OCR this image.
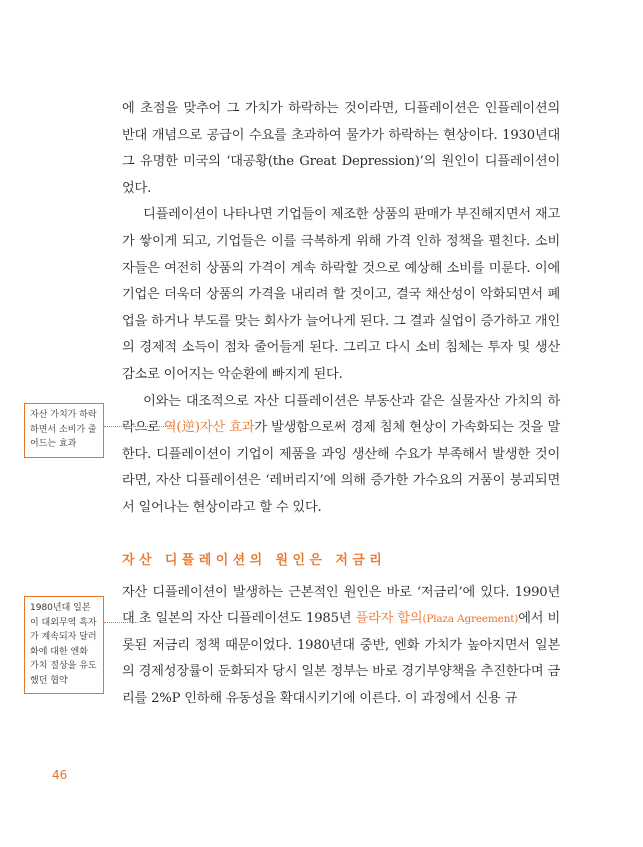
에 초점을 맞추어 그 가치가 하락하는 것이라면, 디플레이션은 인플레이션의 반대 개념으로 공급이 수요를 초과하여 물가가 하락하는 현상이다. 1930년대 그 유명한 미국의 ‘대공황(the Great Depression)’의 원인이 디플레이션이었다.

디플레이션이 나타나면 기업들이 제조한 상품의 판매가 부진해지면서 재고가 쌓이게 되고, 기업들은 이를 극복하게 위해 가격 인하 정책을 펼친다. 소비자들은 여전히 상품의 가격이 계속 하락할 것으로 예상해 소비를 미룬다. 이에 기업은 더욱더 상품의 가격을 내리려 할 것이고, 결국 채산성이 악화되면서 폐업을 하거나 부도를 맞는 회사가 늘어나게 된다. 그 결과 실업이 증가하고 개인의 경제적 소득이 점차 줄어들게 된다. 그리고 다시 소비 침체는 투자 및 생산 감소로 이어지는 악순환에 빠지게 된다.

이와는 대조적으로 자산 디플레이션은 부동산과 같은 실물자산 가치의 하락으로 역(逆)자산 효과가 발생함으로써 경제 침체 현상이 가속화되는 것을 말한다. 디플레이션이 기업이 제품을 과잉 생산해 수요가 부족해서 발생한 것이라면, 자산 디플레이션은 ‘레버리지’에 의해 증가한 가수요의 거품이 붕괴되면서 일어나는 현상이라고 할 수 있다.

자산 디플레이션의 원인은 저금리

자산 디플레이션이 발생하는 근본적인 원인은 바로 ‘저금리’에 있다. 1990년대 초 일본의 자산 디플레이션도 1985년 플라자 합의(Plaza Agreement)에서 비롯된 저금리 정책 때문이었다. 1980년대 중반, 엔화 가치가 높아지면서 일본의 경제성장률이 둔화되자 당시 일본 정부는 바로 경기부양책을 추진한다며 금리를 2%P 인하해 유동성을 확대시키기에 이른다. 이 과정에서 신용 규

자산 가치가 하락하면서 소비가 줄어드는 효과
1980년대 일본이 대외무역 흑자가 계속되자 달러화에 대한 엔화 가치 절상을 유도했던 협약
46
